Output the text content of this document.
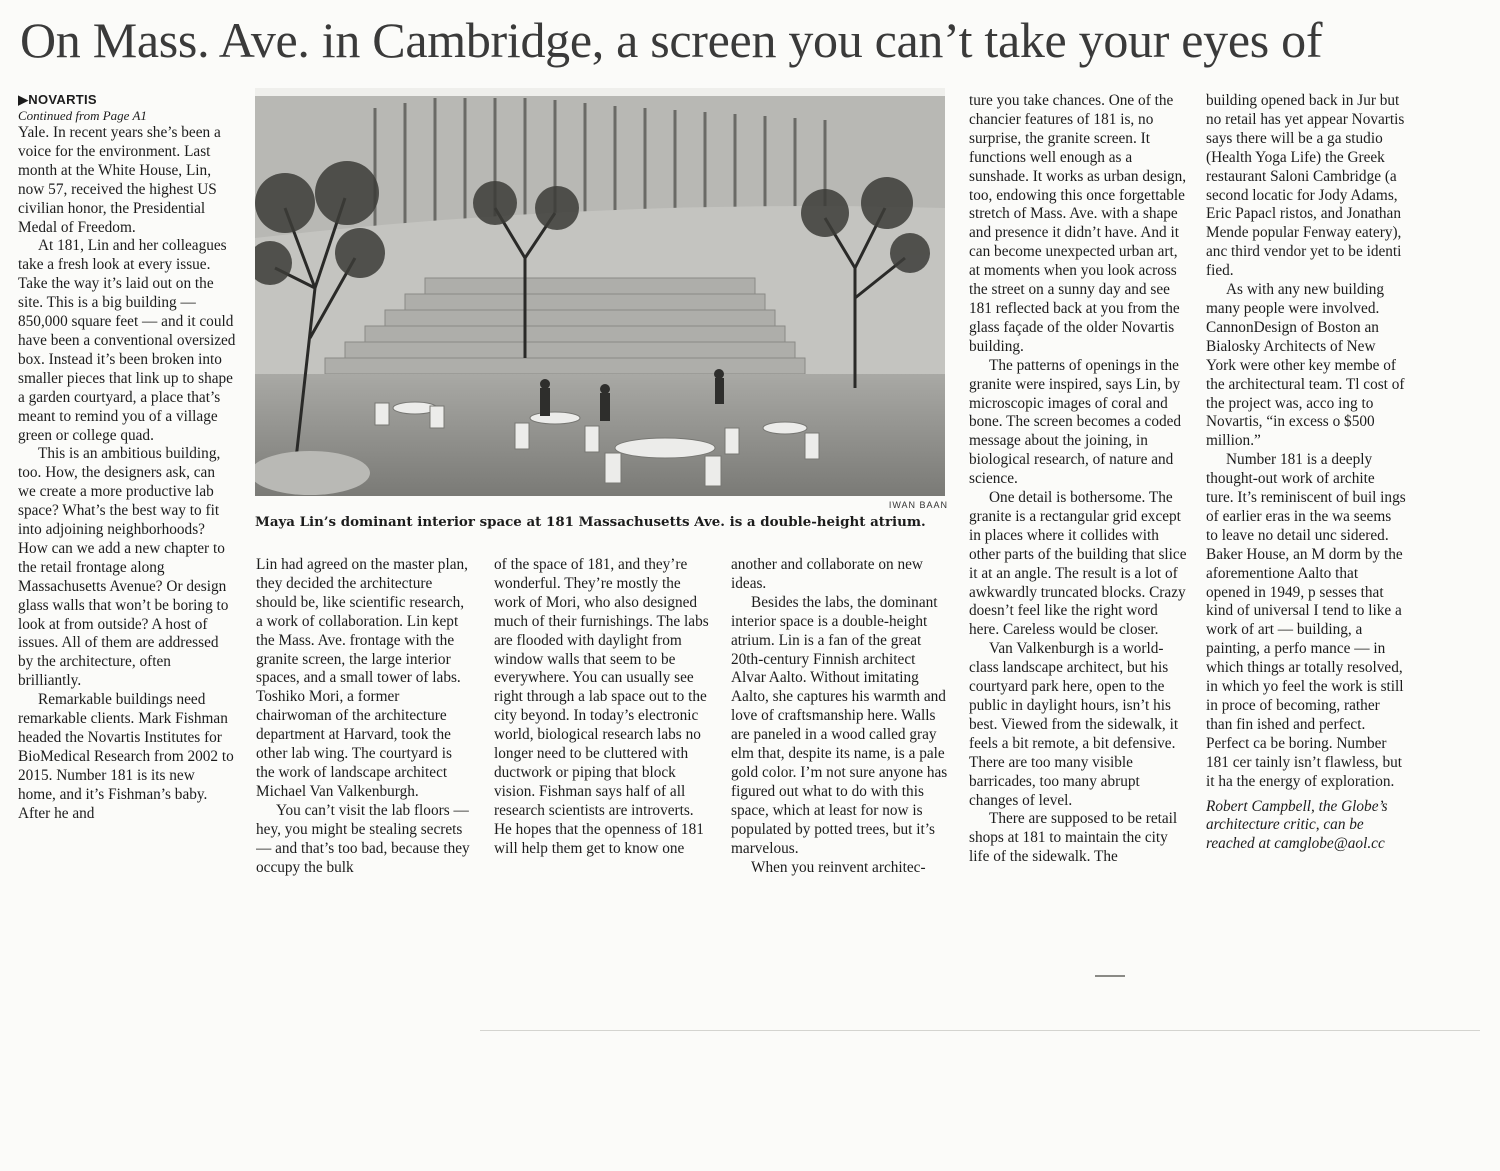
On Mass. Ave. in Cambridge, a screen you can’t take your eyes of
▶NOVARTIS
Continued from Page A1

Yale. In recent years she’s been a voice for the environment. Last month at the White House, Lin, now 57, received the highest US civilian honor, the Presidential Medal of Freedom.

At 181, Lin and her colleagues take a fresh look at every issue. Take the way it’s laid out on the site. This is a big building — 850,000 square feet — and it could have been a conventional oversized box. Instead it’s been broken into smaller pieces that link up to shape a garden courtyard, a place that’s meant to remind you of a village green or college quad.

This is an ambitious building, too. How, the designers ask, can we create a more productive lab space? What’s the best way to fit into adjoining neighborhoods? How can we add a new chapter to the retail frontage along Massachusetts Avenue? Or design glass walls that won’t be boring to look at from outside? A host of issues. All of them are addressed by the architecture, often brilliantly.

Remarkable buildings need remarkable clients. Mark Fishman headed the Novartis Institutes for BioMedical Research from 2002 to 2015. Number 181 is its new home, and it’s Fishman’s baby. After he and

IWAN BAAN
Maya Lin’s dominant interior space at 181 Massachusetts Ave. is a double-height atrium.

Lin had agreed on the master plan, they decided the architecture should be, like scientific research, a work of collaboration. Lin kept the Mass. Ave. frontage with the granite screen, the large interior spaces, and a small tower of labs. Toshiko Mori, a former chairwoman of the architecture department at Harvard, took the other lab wing. The courtyard is the work of landscape architect Michael Van Valkenburgh.

You can’t visit the lab floors — hey, you might be stealing secrets — and that’s too bad, because they occupy the bulk

of the space of 181, and they’re wonderful. They’re mostly the work of Mori, who also designed much of their furnishings. The labs are flooded with daylight from window walls that seem to be everywhere. You can usually see right through a lab space out to the city beyond. In today’s electronic world, biological research labs no longer need to be cluttered with ductwork or piping that block vision. Fishman says half of all research scientists are introverts. He hopes that the openness of 181 will help them get to know one

another and collaborate on new ideas.

Besides the labs, the dominant interior space is a double-height atrium. Lin is a fan of the great 20th-century Finnish architect Alvar Aalto. Without imitating Aalto, she captures his warmth and love of craftsmanship here. Walls are paneled in a wood called gray elm that, despite its name, is a pale gold color. I’m not sure anyone has figured out what to do with this space, which at least for now is populated by potted trees, but it’s marvelous.

When you reinvent architec-

ture you take chances. One of the chancier features of 181 is, no surprise, the granite screen. It functions well enough as a sunshade. It works as urban design, too, endowing this once forgettable stretch of Mass. Ave. with a shape and presence it didn’t have. And it can become unexpected urban art, at moments when you look across the street on a sunny day and see 181 reflected back at you from the glass façade of the older Novartis building.

The patterns of openings in the granite were inspired, says Lin, by microscopic images of coral and bone. The screen becomes a coded message about the joining, in biological research, of nature and science.

One detail is bothersome. The granite is a rectangular grid except in places where it collides with other parts of the building that slice it at an angle. The result is a lot of awkwardly truncated blocks. Crazy doesn’t feel like the right word here. Careless would be closer.

Van Valkenburgh is a world-class landscape architect, but his courtyard park here, open to the public in daylight hours, isn’t his best. Viewed from the sidewalk, it feels a bit remote, a bit defensive. There are too many visible barricades, too many abrupt changes of level.

There are supposed to be retail shops at 181 to maintain the city life of the sidewalk. The

building opened back in Jur but no retail has yet appear Novartis says there will be a ga studio (Health Yoga Life) the Greek restaurant Saloni Cambridge (a second locatic for Jody Adams, Eric Papacl ristos, and Jonathan Mende popular Fenway eatery), anc third vendor yet to be identi fied.

As with any new building many people were involved. CannonDesign of Boston an Bialosky Architects of New York were other key membe of the architectural team. Tl cost of the project was, acco ing to Novartis, “in excess o $500 million.”

Number 181 is a deeply thought-out work of archite ture. It’s reminiscent of buil ings of earlier eras in the wa seems to leave no detail unc sidered. Baker House, an M dorm by the aforementione Aalto that opened in 1949, p sesses that kind of universal I tend to like a work of art — building, a painting, a perfo mance — in which things ar totally resolved, in which yo feel the work is still in proce of becoming, rather than fin ished and perfect. Perfect ca be boring. Number 181 cer tainly isn’t flawless, but it ha the energy of exploration.

Robert Campbell, the Globe’s architecture critic, can be reached at camglobe@aol.cc
